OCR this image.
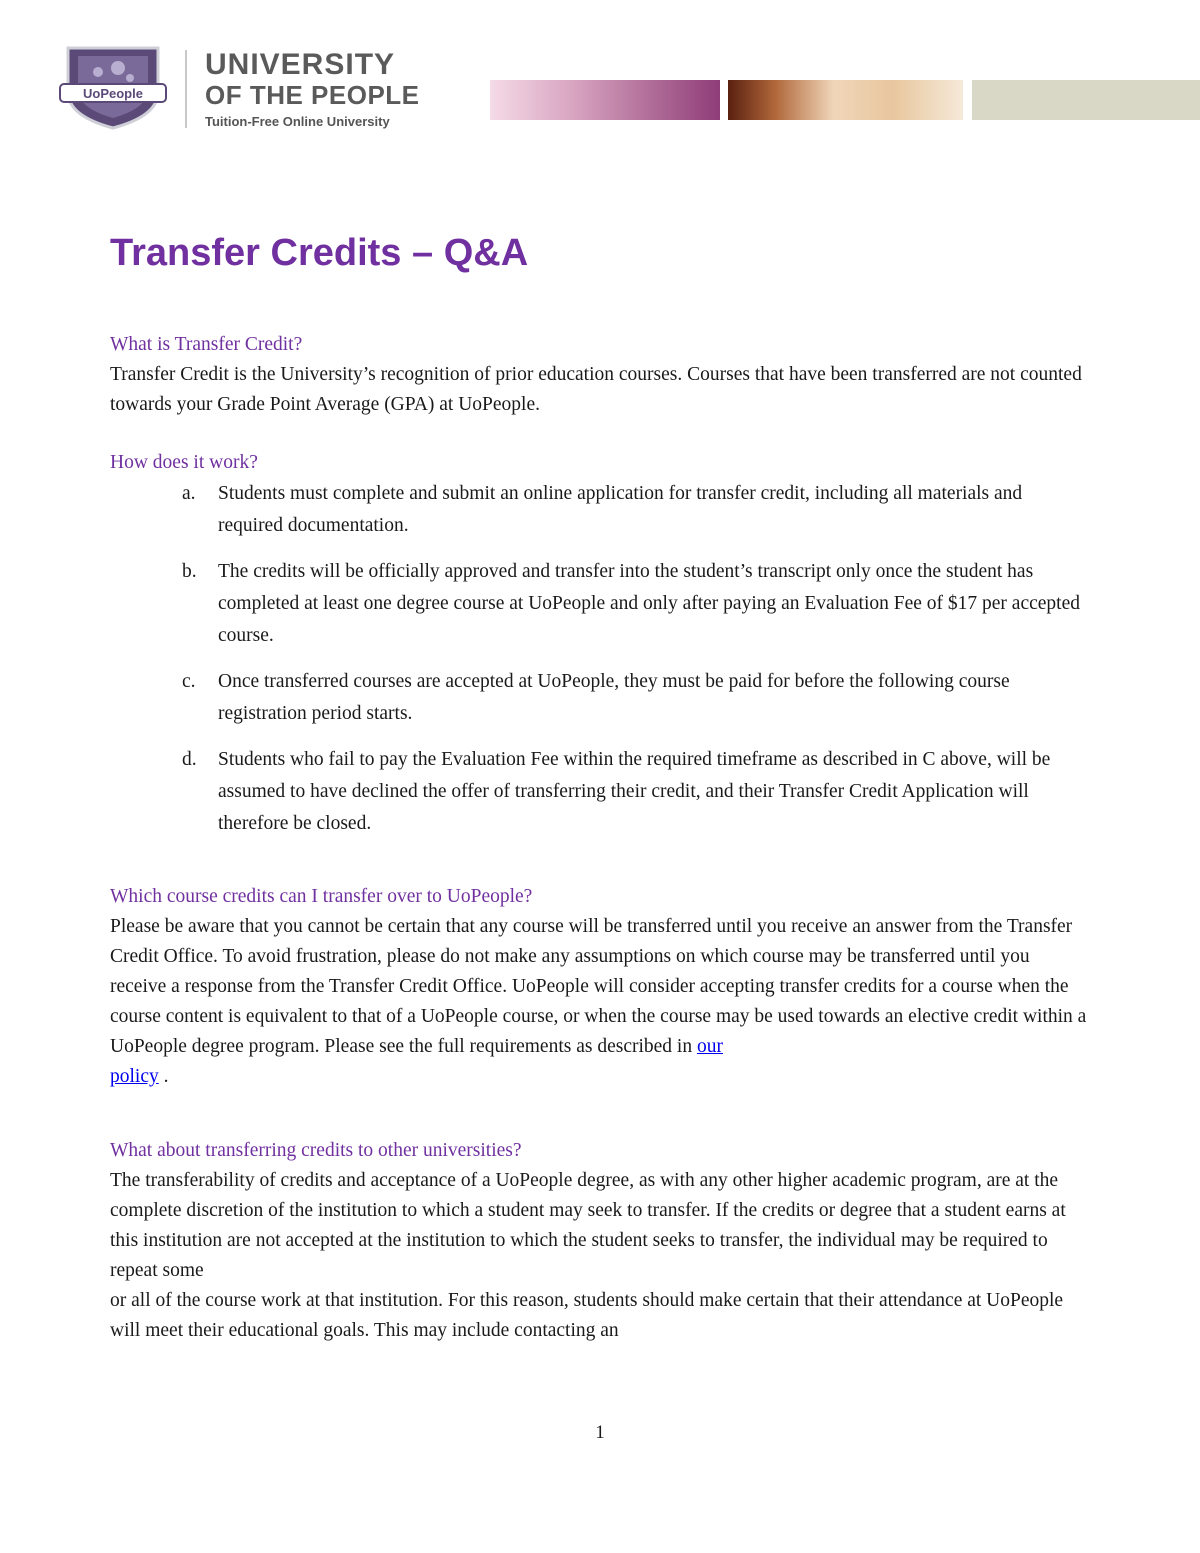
UoPeople
UNIVERSITY
OF THE PEOPLE
Tuition-Free Online University
Transfer Credits – Q&A

What is Transfer Credit?

Transfer Credit is the University’s recognition of prior education courses. Courses that have been transferred are not counted towards your Grade Point Average (GPA) at UoPeople.

How does it work?

a. Students must complete and submit an online application for transfer credit, including all materials and required documentation.
b. The credits will be officially approved and transfer into the student’s transcript only once the student has completed at least one degree course at UoPeople and only after paying an Evaluation Fee of $17 per accepted course.
c. Once transferred courses are accepted at UoPeople, they must be paid for before the following course registration period starts.
d. Students who fail to pay the Evaluation Fee within the required timeframe as described in C above, will be assumed to have declined the offer of transferring their credit, and their Transfer Credit Application will therefore be closed.

Which course credits can I transfer over to UoPeople?

Please be aware that you cannot be certain that any course will be transferred until you receive an answer from the Transfer Credit Office. To avoid frustration, please do not make any assumptions on which course may be transferred until you receive a response from the Transfer Credit Office. UoPeople will consider accepting transfer credits for a course when the course content is equivalent to that of a UoPeople course, or when the course may be used towards an elective credit within a UoPeople degree program. Please see the full requirements as described in our
policy .

What about transferring credits to other universities?

The transferability of credits and acceptance of a UoPeople degree, as with any other higher academic program, are at the complete discretion of the institution to which a student may seek to transfer. If the credits or degree that a student earns at this institution are not accepted at the institution to which the student seeks to transfer, the individual may be required to repeat some
or all of the course work at that institution. For this reason, students should make certain that their attendance at UoPeople will meet their educational goals. This may include contacting an

1
